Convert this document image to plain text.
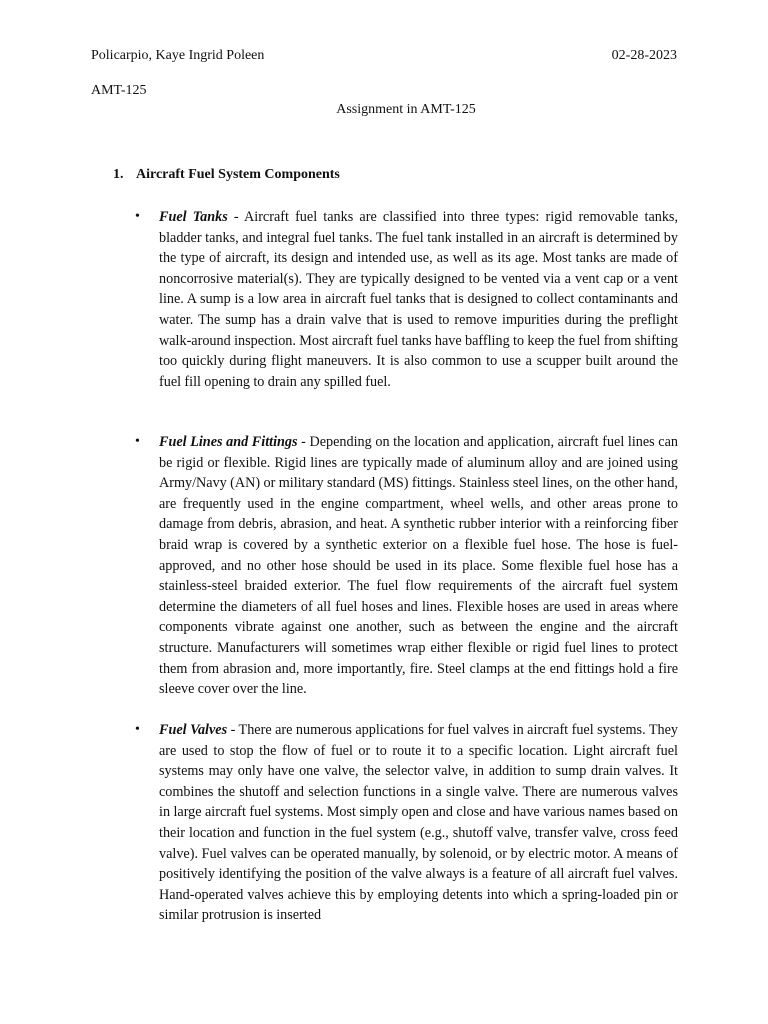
Policarpio, Kaye Ingrid Poleen	02-28-2023
AMT-125
Assignment in AMT-125
1. Aircraft Fuel System Components
• Fuel Tanks - Aircraft fuel tanks are classified into three types: rigid removable tanks, bladder tanks, and integral fuel tanks. The fuel tank installed in an aircraft is determined by the type of aircraft, its design and intended use, as well as its age. Most tanks are made of noncorrosive material(s). They are typically designed to be vented via a vent cap or a vent line. A sump is a low area in aircraft fuel tanks that is designed to collect contaminants and water. The sump has a drain valve that is used to remove impurities during the preflight walk-around inspection. Most aircraft fuel tanks have baffling to keep the fuel from shifting too quickly during flight maneuvers. It is also common to use a scupper built around the fuel fill opening to drain any spilled fuel.
• Fuel Lines and Fittings - Depending on the location and application, aircraft fuel lines can be rigid or flexible. Rigid lines are typically made of aluminum alloy and are joined using Army/Navy (AN) or military standard (MS) fittings. Stainless steel lines, on the other hand, are frequently used in the engine compartment, wheel wells, and other areas prone to damage from debris, abrasion, and heat. A synthetic rubber interior with a reinforcing fiber braid wrap is covered by a synthetic exterior on a flexible fuel hose. The hose is fuel-approved, and no other hose should be used in its place. Some flexible fuel hose has a stainless-steel braided exterior. The fuel flow requirements of the aircraft fuel system determine the diameters of all fuel hoses and lines. Flexible hoses are used in areas where components vibrate against one another, such as between the engine and the aircraft structure. Manufacturers will sometimes wrap either flexible or rigid fuel lines to protect them from abrasion and, more importantly, fire. Steel clamps at the end fittings hold a fire sleeve cover over the line.
• Fuel Valves - There are numerous applications for fuel valves in aircraft fuel systems. They are used to stop the flow of fuel or to route it to a specific location. Light aircraft fuel systems may only have one valve, the selector valve, in addition to sump drain valves. It combines the shutoff and selection functions in a single valve. There are numerous valves in large aircraft fuel systems. Most simply open and close and have various names based on their location and function in the fuel system (e.g., shutoff valve, transfer valve, cross feed valve). Fuel valves can be operated manually, by solenoid, or by electric motor. A means of positively identifying the position of the valve always is a feature of all aircraft fuel valves. Hand-operated valves achieve this by employing detents into which a spring-loaded pin or similar protrusion is inserted
